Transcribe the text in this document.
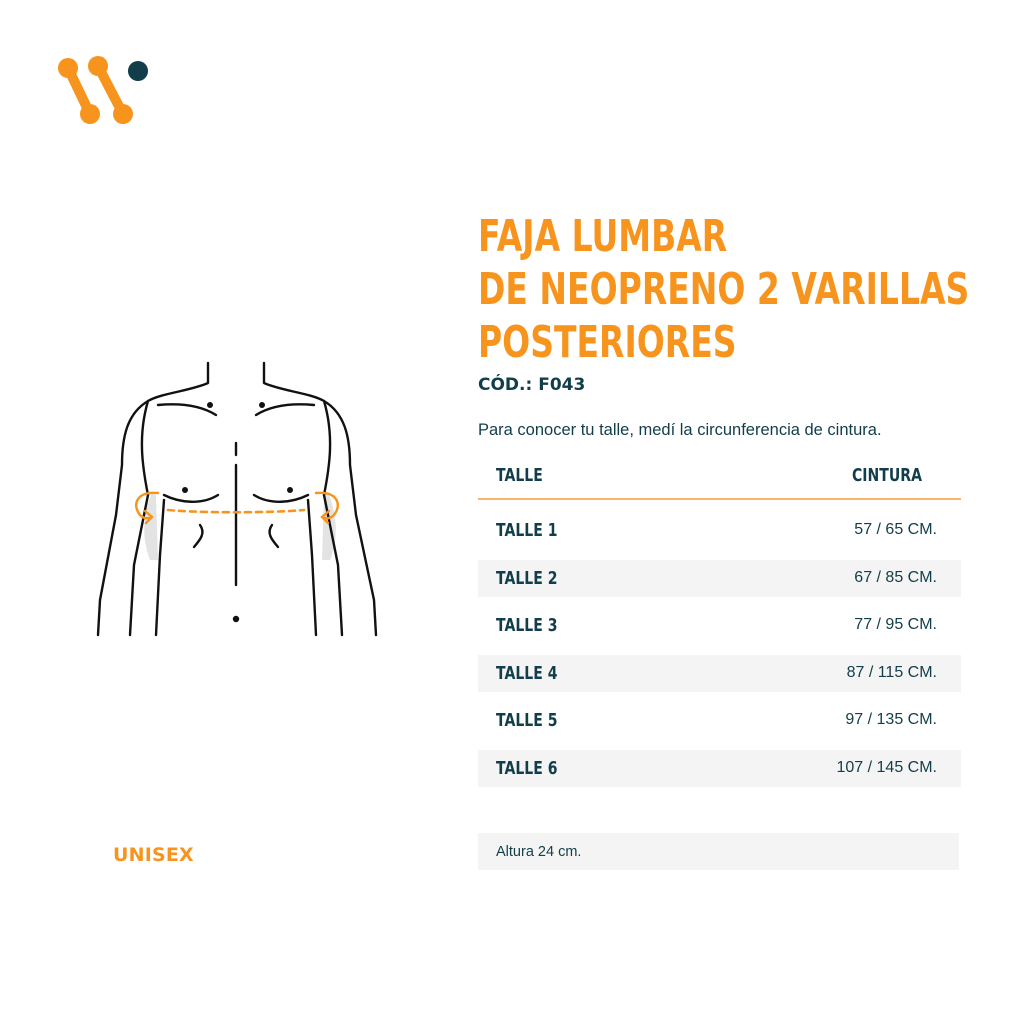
UNISEX
FAJA LUMBAR
DE NEOPRENO 2 VARILLAS
POSTERIORES
CÓD.: F043
Para conocer tu talle, medí la circunferencia de cintura.
TALLE	CINTURA
TALLE 1	57 / 65 CM.
TALLE 2	67 / 85 CM.
TALLE 3	77 / 95 CM.
TALLE 4	87 / 115 CM.
TALLE 5	97 / 135 CM.
TALLE 6	107 / 145 CM.
Altura 24 cm.
